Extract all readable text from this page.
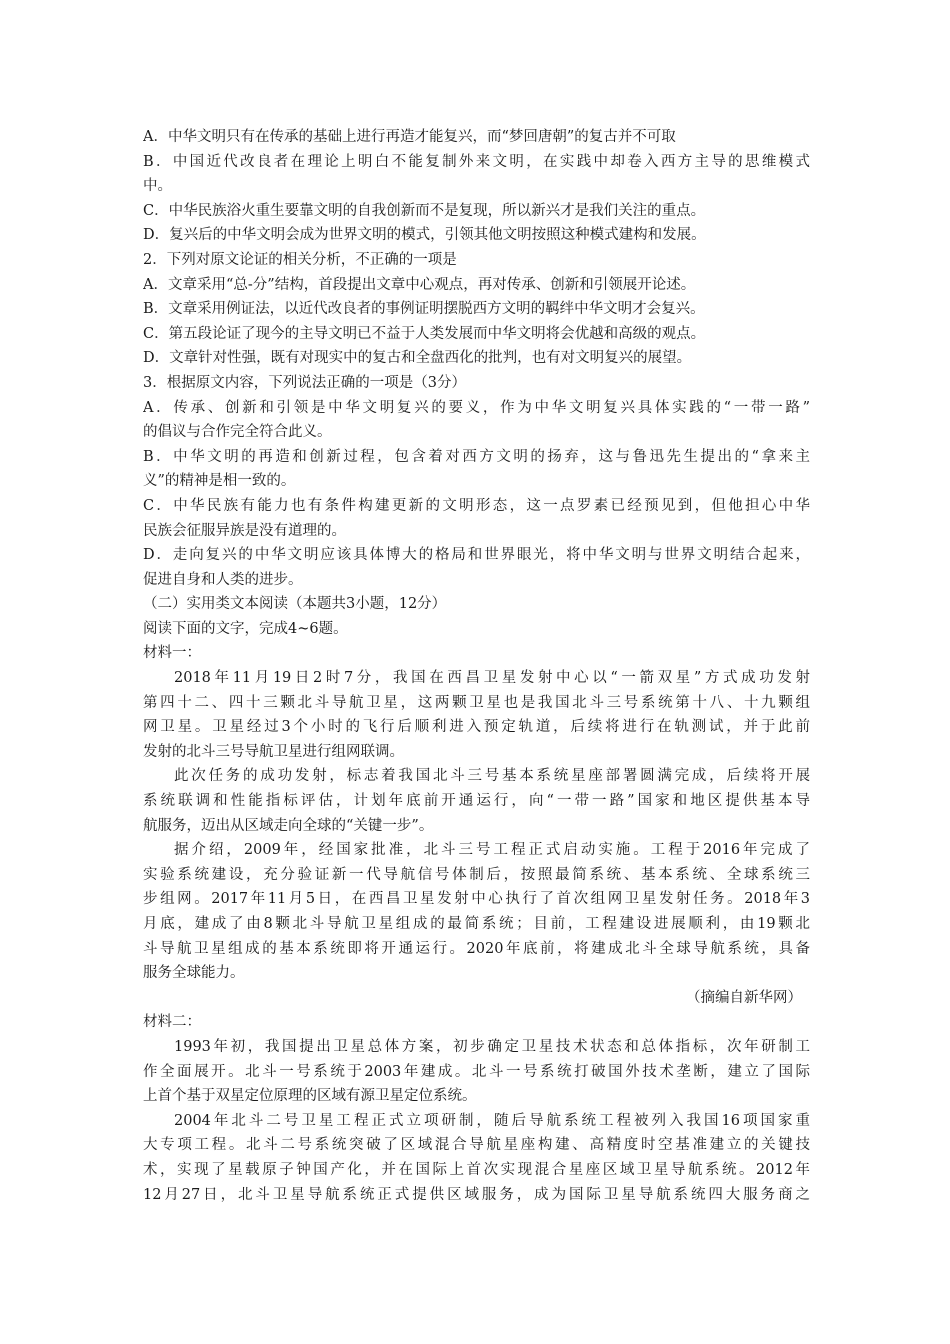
A．中华文明只有在传承的基础上进行再造才能复兴，而“梦回唐朝”的复古并不可取
B．中国近代改良者在理论上明白不能复制外来文明，在实践中却卷入西方主导的思维模式
中。
C．中华民族浴火重生要靠文明的自我创新而不是复现，所以新兴才是我们关注的重点。
D．复兴后的中华文明会成为世界文明的模式，引领其他文明按照这种模式建构和发展。
2．下列对原文论证的相关分析，不正确的一项是
A．文章采用“总-分”结构，首段提出文章中心观点，再对传承、创新和引领展开论述。
B．文章采用例证法，以近代改良者的事例证明摆脱西方文明的羁绊中华文明才会复兴。
C．第五段论证了现今的主导文明已不益于人类发展而中华文明将会优越和高级的观点。
D．文章针对性强，既有对现实中的复古和全盘西化的批判，也有对文明复兴的展望。
3．根据原文内容，下列说法正确的一项是（3分）
A．传承、创新和引领是中华文明复兴的要义，作为中华文明复兴具体实践的“一带一路”
的倡议与合作完全符合此义。
B．中华文明的再造和创新过程，包含着对西方文明的扬弃，这与鲁迅先生提出的“拿来主
义”的精神是相一致的。
C．中华民族有能力也有条件构建更新的文明形态，这一点罗素已经预见到，但他担心中华
民族会征服异族是没有道理的。
D．走向复兴的中华文明应该具体博大的格局和世界眼光，将中华文明与世界文明结合起来，
促进自身和人类的进步。
（二）实用类文本阅读（本题共3小题，12分）
阅读下面的文字，完成4~6题。
材料一：
2018年11月19日2时7分，我国在西昌卫星发射中心以“一箭双星”方式成功发射
第四十二、四十三颗北斗导航卫星，这两颗卫星也是我国北斗三号系统第十八、十九颗组
网卫星。卫星经过3个小时的飞行后顺利进入预定轨道，后续将进行在轨测试，并于此前
发射的北斗三号导航卫星进行组网联调。
此次任务的成功发射，标志着我国北斗三号基本系统星座部署圆满完成，后续将开展
系统联调和性能指标评估，计划年底前开通运行，向“一带一路”国家和地区提供基本导
航服务，迈出从区域走向全球的“关键一步”。
据介绍，2009年，经国家批准，北斗三号工程正式启动实施。工程于2016年完成了
实验系统建设，充分验证新一代导航信号体制后，按照最简系统、基本系统、全球系统三
步组网。2017年11月5日，在西昌卫星发射中心执行了首次组网卫星发射任务。2018年3
月底，建成了由8颗北斗导航卫星组成的最简系统；目前，工程建设进展顺利，由19颗北
斗导航卫星组成的基本系统即将开通运行。2020年底前，将建成北斗全球导航系统，具备
服务全球能力。
（摘编自新华网）
材料二：
1993年初，我国提出卫星总体方案，初步确定卫星技术状态和总体指标，次年研制工
作全面展开。北斗一号系统于2003年建成。北斗一号系统打破国外技术垄断，建立了国际
上首个基于双星定位原理的区域有源卫星定位系统。
2004年北斗二号卫星工程正式立项研制，随后导航系统工程被列入我国16项国家重
大专项工程。北斗二号系统突破了区域混合导航星座构建、高精度时空基准建立的关键技
术，实现了星载原子钟国产化，并在国际上首次实现混合星座区域卫星导航系统。2012年
12月27日，北斗卫星导航系统正式提供区域服务，成为国际卫星导航系统四大服务商之
